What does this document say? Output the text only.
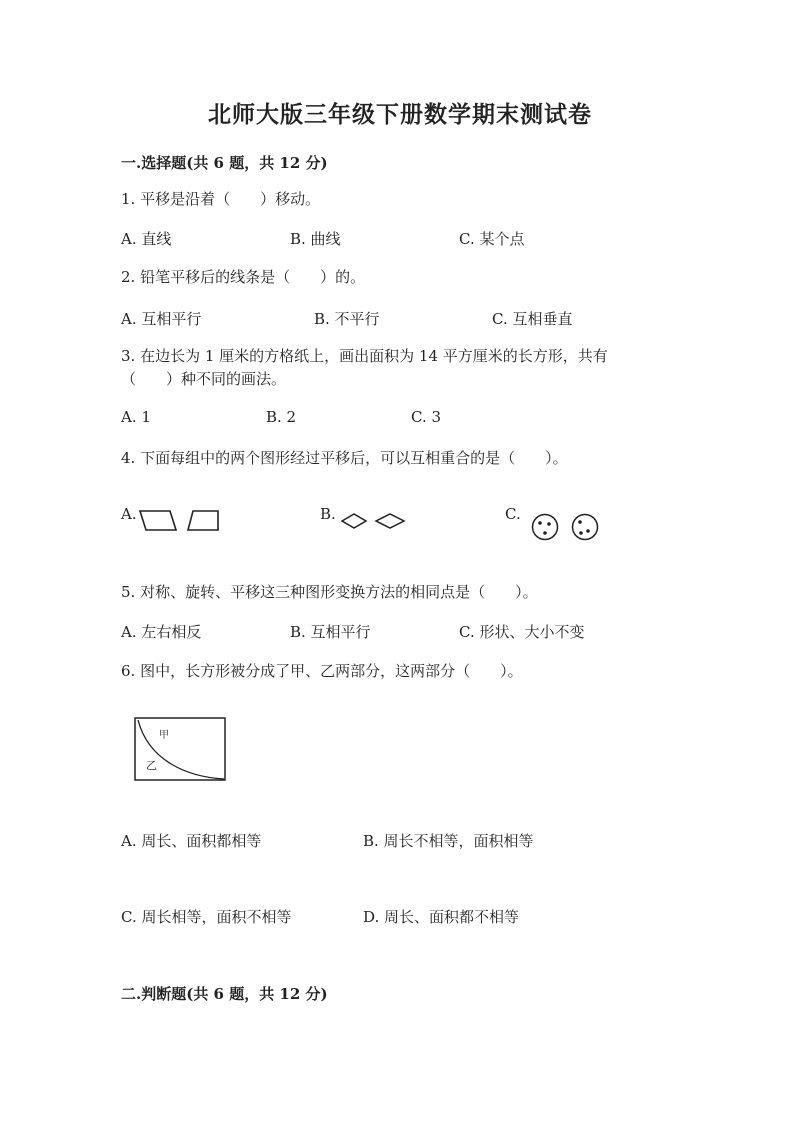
北师大版三年级下册数学期末测试卷
一.选择题(共 6 题，共 12 分)
1. 平移是沿着（　　）移动。
A. 直线	B. 曲线	C. 某个点
2. 铅笔平移后的线条是（　　）的。
A. 互相平行	B. 不平行	C. 互相垂直
3. 在边长为 1 厘米的方格纸上，画出面积为 14 平方厘米的长方形，共有
（　　）种不同的画法。
A. 1	B. 2	C. 3
4. 下面每组中的两个图形经过平移后，可以互相重合的是（　　）。
A.	B.	C.
5. 对称、旋转、平移这三种图形变换方法的相同点是（　　）。
A. 左右相反	B. 互相平行	C. 形状、大小不变
6. 图中，长方形被分成了甲、乙两部分，这两部分（　　）。
甲
乙
A. 周长、面积都相等	B. 周长不相等，面积相等
C. 周长相等，面积不相等	D. 周长、面积都不相等
二.判断题(共 6 题，共 12 分)
